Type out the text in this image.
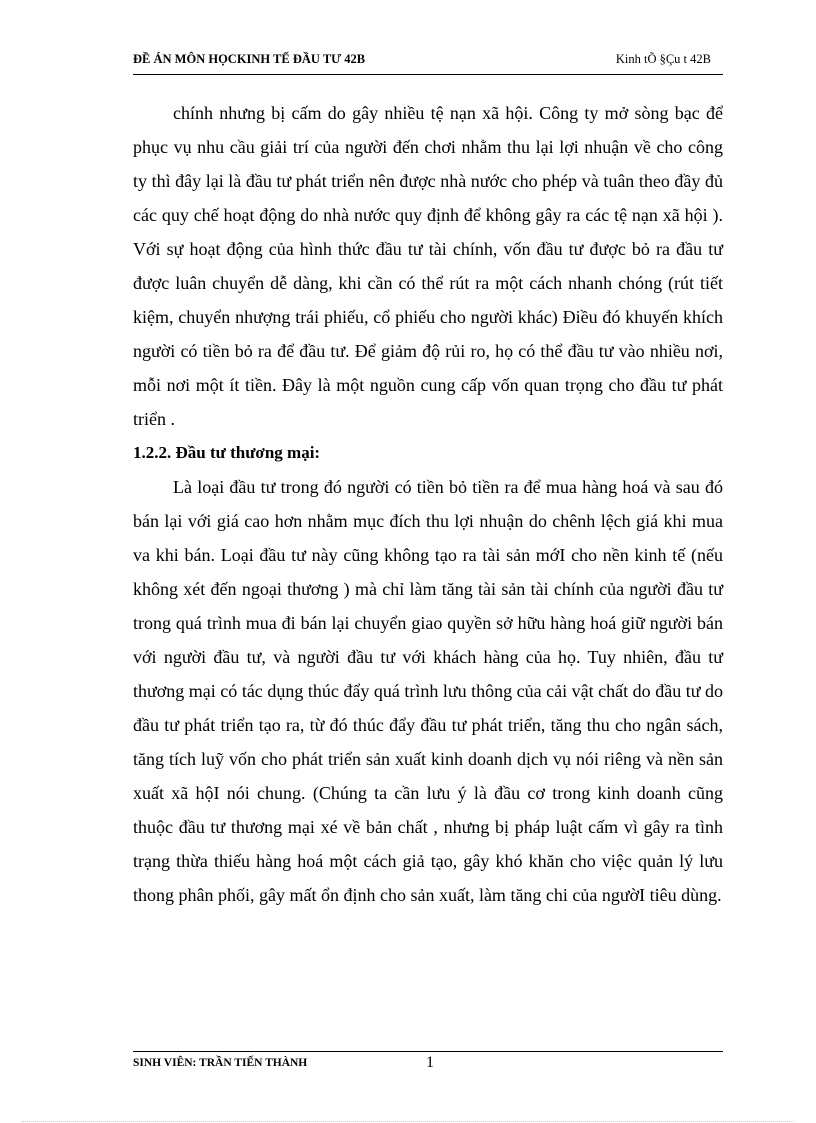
ĐỀ ÁN MÔN HỌCKINH TẾ ĐẦU TƯ 42B	Kinh tÕ §Çu t 42B

chính nhưng bị cấm do gây nhiều tệ nạn xã hội. Công ty mở sòng bạc để phục vụ nhu cầu giải trí của người đến chơi nhằm thu lại lợi nhuận về cho công ty thì đây lại là đầu tư phát triển nên được nhà nước cho phép và tuân theo đầy đủ các quy chế hoạt động do nhà nước quy định để không gây ra các tệ nạn xã hội ). Với sự hoạt động của hình thức đầu tư tài chính, vốn đầu tư được bỏ ra đầu tư được luân chuyển dễ dàng, khi cần có thể rút ra một cách nhanh chóng (rút tiết kiệm, chuyển nhượng trái phiếu, cổ phiếu cho người khác) Điều đó khuyến khích người có tiền bỏ ra để đầu tư. Để giảm độ rủi ro, họ có thể đầu tư vào nhiều nơi, mỗi nơi một ít tiền. Đây là một nguồn cung cấp vốn quan trọng cho đầu tư phát triển .

1.2.2. Đầu tư thương mại:

Là loại đầu tư trong đó người có tiền bỏ tiền ra để mua hàng hoá và sau đó bán lại với giá cao hơn nhằm mục đích thu lợi nhuận do chênh lệch giá khi mua va khi bán. Loại đầu tư này cũng không tạo ra tài sản mớI cho nền kinh tế (nếu không xét đến ngoại thương ) mà chỉ làm tăng tài sản tài chính của người đầu tư trong quá trình mua đi bán lại chuyển giao quyền sở hữu hàng hoá giữ người bán với người đầu tư, và người đầu tư với khách hàng của họ. Tuy nhiên, đầu tư thương mại có tác dụng thúc đẩy quá trình lưu thông của cải vật chất do đầu tư do đầu tư phát triển tạo ra, từ đó thúc đẩy đầu tư phát triển, tăng thu cho ngân sách, tăng tích luỹ vốn cho phát triển sản xuất kinh doanh dịch vụ nói riêng và nền sản xuất xã hộI nói chung. (Chúng ta cần lưu ý là đầu cơ trong kinh doanh cũng thuộc đầu tư thương mại xé về bản chất , nhưng bị pháp luật cấm vì gây ra tình trạng thừa thiếu hàng hoá một cách giả tạo, gây khó khăn cho việc quản lý lưu thong phân phối, gây mất ổn định cho sản xuất, làm tăng chi của ngườI tiêu dùng.

SINH VIÊN: TRẦN TIẾN THÀNH	1
